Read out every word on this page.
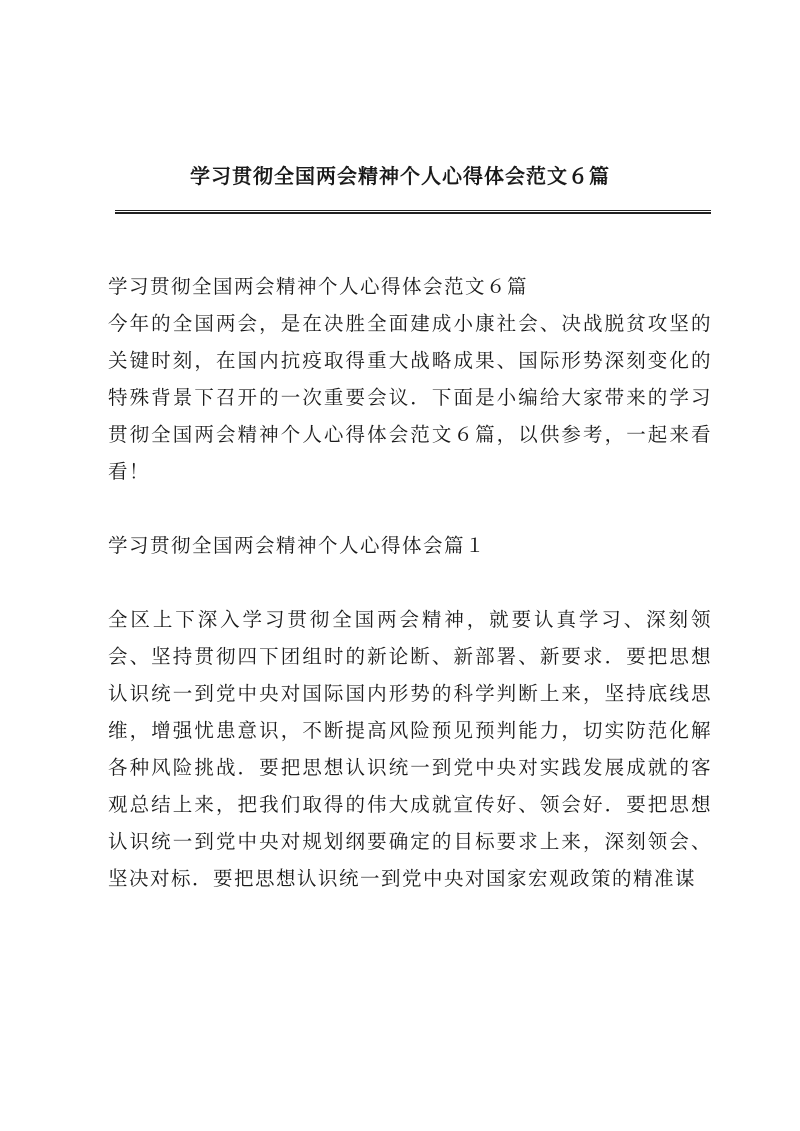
学习贯彻全国两会精神个人心得体会范文６篇

学习贯彻全国两会精神个人心得体会范文６篇

今年的全国两会，是在决胜全面建成小康社会、决战脱贫攻坚的关键时刻，在国内抗疫取得重大战略成果、国际形势深刻变化的特殊背景下召开的一次重要会议．下面是小编给大家带来的学习贯彻全国两会精神个人心得体会范文６篇，以供参考，一起来看看！

学习贯彻全国两会精神个人心得体会篇１

全区上下深入学习贯彻全国两会精神，就要认真学习、深刻领会、坚持贯彻四下团组时的新论断、新部署、新要求．要把思想认识统一到党中央对国际国内形势的科学判断上来，坚持底线思维，增强忧患意识，不断提高风险预见预判能力，切实防范化解各种风险挑战．要把思想认识统一到党中央对实践发展成就的客观总结上来，把我们取得的伟大成就宣传好、领会好．要把思想认识统一到党中央对规划纲要确定的目标要求上来，深刻领会、坚决对标．要把思想认识统一到党中央对国家宏观政策的精准谋
